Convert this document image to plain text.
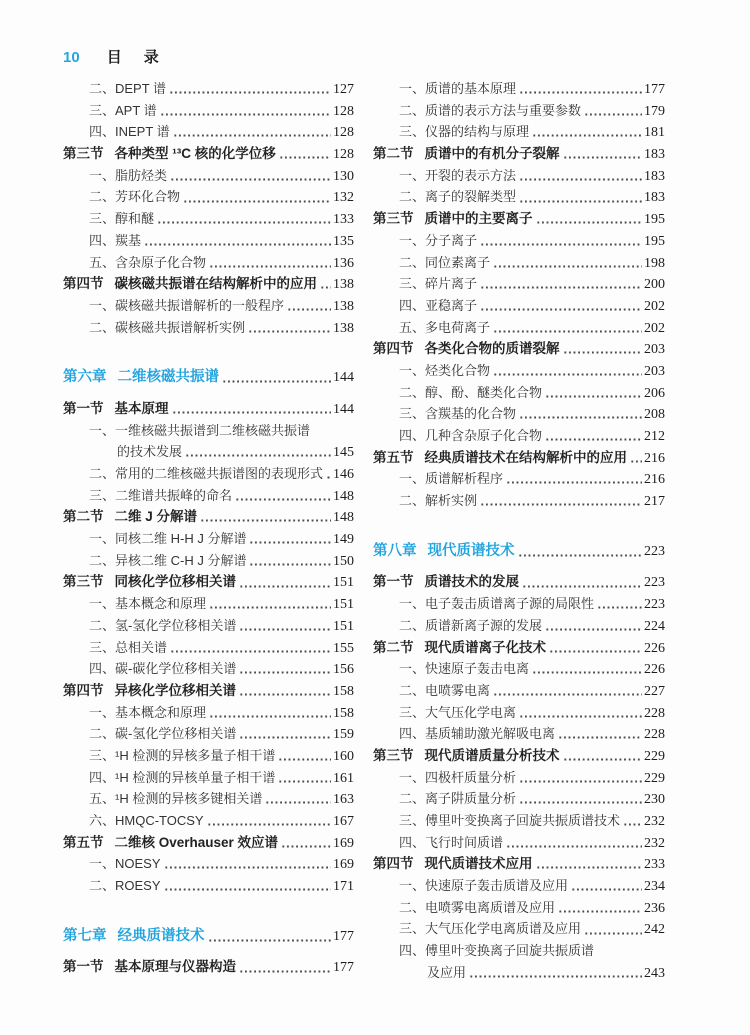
10 目录
二、DEPT 谱	127
三、APT 谱	128
四、INEPT 谱	128
第三节 各种类型 ¹³C 核的化学位移	128
一、脂肪烃类	130
二、芳环化合物	132
三、醇和醚	133
四、羰基	135
五、含杂原子化合物	136
第四节 碳核磁共振谱在结构解析中的应用 138
一、碳核磁共振谱解析的一般程序	138
二、碳核磁共振谱解析实例	138
第六章 二维核磁共振谱	144
第一节 基本原理	144
一、一维核磁共振谱到二维核磁共振谱
的技术发展	145
二、常用的二维核磁共振谱图的表现形式 146
三、二维谱共振峰的命名	148
第二节 二维 J 分解谱	148
一、同核二维 H-H J 分解谱	149
二、异核二维 C-H J 分解谱	150
第三节 同核化学位移相关谱	151
一、基本概念和原理	151
二、氢-氢化学位移相关谱	151
三、总相关谱	155
四、碳-碳化学位移相关谱	156
第四节 异核化学位移相关谱	158
一、基本概念和原理	158
二、碳-氢化学位移相关谱	159
三、¹H 检测的异核多量子相干谱	160
四、¹H 检测的异核单量子相干谱	161
五、¹H 检测的异核多键相关谱	163
六、HMQC-TOCSY	167
第五节 二维核 Overhauser 效应谱	169
一、NOESY	169
二、ROESY	171
第七章 经典质谱技术	177
第一节 基本原理与仪器构造	177
一、质谱的基本原理	177
二、质谱的表示方法与重要参数	179
三、仪器的结构与原理	181
第二节 质谱中的有机分子裂解	183
一、开裂的表示方法	183
二、离子的裂解类型	183
第三节 质谱中的主要离子	195
一、分子离子	195
二、同位素离子	198
三、碎片离子	200
四、亚稳离子	202
五、多电荷离子	202
第四节 各类化合物的质谱裂解	203
一、烃类化合物	203
二、醇、酚、醚类化合物	206
三、含羰基的化合物	208
四、几种含杂原子化合物	212
第五节 经典质谱技术在结构解析中的应用 216
一、质谱解析程序	216
二、解析实例	217
第八章 现代质谱技术	223
第一节 质谱技术的发展	223
一、电子轰击质谱离子源的局限性	223
二、质谱新离子源的发展	224
第二节 现代质谱离子化技术	226
一、快速原子轰击电离	226
二、电喷雾电离	227
三、大气压化学电离	228
四、基质辅助激光解吸电离	228
第三节 现代质谱质量分析技术	229
一、四极杆质量分析	229
二、离子阱质量分析	230
三、傅里叶变换离子回旋共振质谱技术 232
四、飞行时间质谱	232
第四节 现代质谱技术应用	233
一、快速原子轰击质谱及应用	234
二、电喷雾电离质谱及应用	236
三、大气压化学电离质谱及应用	242
四、傅里叶变换离子回旋共振质谱
及应用	243
